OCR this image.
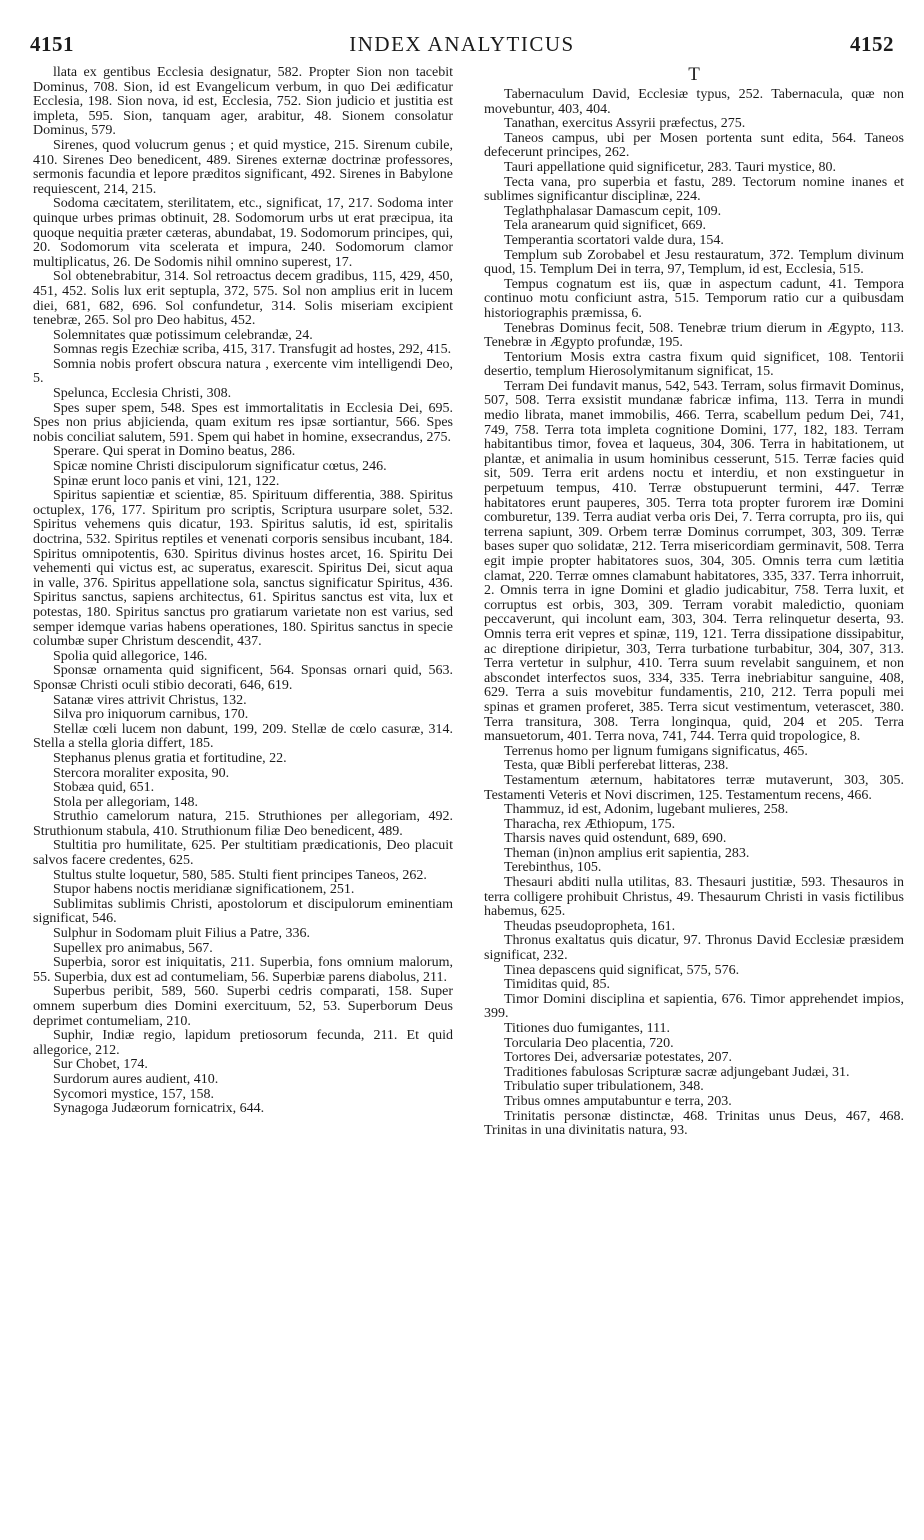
4151	INDEX ANALYTICUS	4152

llata ex gentibus Ecclesia designatur, 582. Propter Sion non tacebit Dominus, 708. Sion, id est Evangelicum verbum, in quo Dei ædificatur Ecclesia, 198. Sion nova, id est, Ecclesia, 752. Sion judicio et justitia est impleta, 595. Sion, tanquam ager, arabitur, 48. Sionem consolatur Dominus, 579.

Sirenes, quod volucrum genus ; et quid mystice, 215. Sirenum cubile, 410. Sirenes Deo benedicent, 489. Sirenes externæ doctrinæ professores, sermonis facundia et lepore præditos significant, 492. Sirenes in Babylone requiescent, 214, 215.

Sodoma cæcitatem, sterilitatem, etc., significat, 17, 217. Sodoma inter quinque urbes primas obtinuit, 28. Sodomorum urbs ut erat præcipua, ita quoque nequitia præter cæteras, abundabat, 19. Sodomorum principes, qui, 20. Sodomorum vita scelerata et impura, 240. Sodomorum clamor multiplicatus, 26. De Sodomis nihil omnino superest, 17.

Sol obtenebrabitur, 314. Sol retroactus decem gradibus, 115, 429, 450, 451, 452. Solis lux erit septupla, 372, 575. Sol non amplius erit in lucem diei, 681, 682, 696. Sol confundetur, 314. Solis miseriam excipient tenebræ, 265. Sol pro Deo habitus, 452.

Solemnitates quæ potissimum celebrandæ, 24.

Somnas regis Ezechiæ scriba, 415, 317. Transfugit ad hostes, 292, 415.

Somnia nobis profert obscura natura , exercente vim intelligendi Deo, 5.

Spelunca, Ecclesia Christi, 308.

Spes super spem, 548. Spes est immortalitatis in Ecclesia Dei, 695. Spes non prius abjicienda, quam exitum res ipsæ sortiantur, 566. Spes nobis conciliat salutem, 591. Spem qui habet in homine, exsecrandus, 275.

Sperare. Qui sperat in Domino beatus, 286.

Spicæ nomine Christi discipulorum significatur cœtus, 246.

Spinæ erunt loco panis et vini, 121, 122.

Spiritus sapientiæ et scientiæ, 85. Spirituum differentia, 388. Spiritus octuplex, 176, 177. Spiritum pro scriptis, Scriptura usurpare solet, 532. Spiritus vehemens quis dicatur, 193. Spiritus salutis, id est, spiritalis doctrina, 532. Spiritus reptiles et venenati corporis sensibus incubant, 184. Spiritus omnipotentis, 630. Spiritus divinus hostes arcet, 16. Spiritu Dei vehementi qui victus est, ac superatus, exarescit. Spiritus Dei, sicut aqua in valle, 376. Spiritus appellatione sola, sanctus significatur Spiritus, 436. Spiritus sanctus, sapiens architectus, 61. Spiritus sanctus est vita, lux et potestas, 180. Spiritus sanctus pro gratiarum varietate non est varius, sed semper idemque varias habens operationes, 180. Spiritus sanctus in specie columbæ super Christum descendit, 437.

Spolia quid allegorice, 146.

Sponsæ ornamenta quid significent, 564. Sponsas ornari quid, 563. Sponsæ Christi oculi stibio decorati, 646, 619.

Satanæ vires attrivit Christus, 132.

Silva pro iniquorum carnibus, 170.

Stellæ cœli lucem non dabunt, 199, 209. Stellæ de cœlo casuræ, 314. Stella a stella gloria differt, 185.

Stephanus plenus gratia et fortitudine, 22.

Stercora moraliter exposita, 90.

Stobæa quid, 651.

Stola per allegoriam, 148.

Struthio camelorum natura, 215. Struthiones per allegoriam, 492. Struthionum stabula, 410. Struthionum filiæ Deo benedicent, 489.

Stultitia pro humilitate, 625. Per stultitiam prædicationis, Deo placuit salvos facere credentes, 625.

Stultus stulte loquetur, 580, 585. Stulti fient principes Taneos, 262.

Stupor habens noctis meridianæ significationem, 251.

Sublimitas sublimis Christi, apostolorum et discipulorum eminentiam significat, 546.

Sulphur in Sodomam pluit Filius a Patre, 336.

Supellex pro animabus, 567.

Superbia, soror est iniquitatis, 211. Superbia, fons omnium malorum, 55. Superbia, dux est ad contumeliam, 56. Superbiæ parens diabolus, 211.

Superbus peribit, 589, 560. Superbi cedris comparati, 158. Super omnem superbum dies Domini exercituum, 52, 53. Superborum Deus deprimet contumeliam, 210.

Suphir, Indiæ regio, lapidum pretiosorum fecunda, 211. Et quid allegorice, 212.

Sur Chobet, 174.

Surdorum aures audient, 410.

Sycomori mystice, 157, 158.

Synagoga Judæorum fornicatrix, 644.

T

Tabernaculum David, Ecclesiæ typus, 252. Tabernacula, quæ non movebuntur, 403, 404.

Tanathan, exercitus Assyrii præfectus, 275.

Taneos campus, ubi per Mosen portenta sunt edita, 564. Taneos defecerunt principes, 262.

Tauri appellatione quid significetur, 283. Tauri mystice, 80.

Tecta vana, pro superbia et fastu, 289. Tectorum nomine inanes et sublimes significantur disciplinæ, 224.

Teglathphalasar Damascum cepit, 109.

Tela aranearum quid significet, 669.

Temperantia scortatori valde dura, 154.

Templum sub Zorobabel et Jesu restauratum, 372. Templum divinum quod, 15. Templum Dei in terra, 97, Templum, id est, Ecclesia, 515.

Tempus cognatum est iis, quæ in aspectum cadunt, 41. Tempora continuo motu conficiunt astra, 515. Temporum ratio cur a quibusdam historiographis præmissa, 6.

Tenebras Dominus fecit, 508. Tenebræ trium dierum in Ægypto, 113. Tenebræ in Ægypto profundæ, 195.

Tentorium Mosis extra castra fixum quid significet, 108. Tentorii desertio, templum Hierosolymitanum significat, 15.

Terram Dei fundavit manus, 542, 543. Terram, solus firmavit Dominus, 507, 508. Terra exsistit mundanæ fabricæ infima, 113. Terra in mundi medio librata, manet immobilis, 466. Terra, scabellum pedum Dei, 741, 749, 758. Terra tota impleta cognitione Domini, 177, 182, 183. Terram habitantibus timor, fovea et laqueus, 304, 306. Terra in habitationem, ut plantæ, et animalia in usum hominibus cesserunt, 515. Terræ facies quid sit, 509. Terra erit ardens noctu et interdiu, et non exstinguetur in perpetuum tempus, 410. Terræ obstupuerunt termini, 447. Terræ habitatores erunt pauperes, 305. Terra tota propter furorem iræ Domini comburetur, 139. Terra audiat verba oris Dei, 7. Terra corrupta, pro iis, qui terrena sapiunt, 309. Orbem terræ Dominus corrumpet, 303, 309. Terræ bases super quo solidatæ, 212. Terra misericordiam germinavit, 508. Terra egit impie propter habitatores suos, 304, 305. Omnis terra cum lætitia clamat, 220. Terræ omnes clamabunt habitatores, 335, 337. Terra inhorruit, 2. Omnis terra in igne Domini et gladio judicabitur, 758. Terra luxit, et corruptus est orbis, 303, 309. Terram vorabit maledictio, quoniam peccaverunt, qui incolunt eam, 303, 304. Terra relinquetur deserta, 93. Omnis terra erit vepres et spinæ, 119, 121. Terra dissipatione dissipabitur, ac direptione diripietur, 303, Terra turbatione turbabitur, 304, 307, 313. Terra vertetur in sulphur, 410. Terra suum revelabit sanguinem, et non abscondet interfectos suos, 334, 335. Terra inebriabitur sanguine, 408, 629. Terra a suis movebitur fundamentis, 210, 212. Terra populi mei spinas et gramen proferet, 385. Terra sicut vestimentum, veterascet, 380. Terra transitura, 308. Terra longinqua, quid, 204 et 205. Terra mansuetorum, 401. Terra nova, 741, 744. Terra quid tropologice, 8.

Terrenus homo per lignum fumigans significatus, 465.

Testa, quæ Bibli perferebat litteras, 238.

Testamentum æternum, habitatores terræ mutaverunt, 303, 305. Testamenti Veteris et Novi discrimen, 125. Testamentum recens, 466.

Thammuz, id est, Adonim, lugebant mulieres, 258.

Tharacha, rex Æthiopum, 175.

Tharsis naves quid ostendunt, 689, 690.

Theman (in)non amplius erit sapientia, 283.

Terebinthus, 105.

Thesauri abditi nulla utilitas, 83. Thesauri justitiæ, 593. Thesauros in terra colligere prohibuit Christus, 49. Thesaurum Christi in vasis fictilibus habemus, 625.

Theudas pseudopropheta, 161.

Thronus exaltatus quis dicatur, 97. Thronus David Ecclesiæ præsidem significat, 232.

Tinea depascens quid significat, 575, 576.

Timiditas quid, 85.

Timor Domini disciplina et sapientia, 676. Timor apprehendet impios, 399.

Titiones duo fumigantes, 111.

Torcularia Deo placentia, 720.

Tortores Dei, adversariæ potestates, 207.

Traditiones fabulosas Scripturæ sacræ adjungebant Judæi, 31.

Tribulatio super tribulationem, 348.

Tribus omnes amputabuntur e terra, 203.

Trinitatis personæ distinctæ, 468. Trinitas unus Deus, 467, 468. Trinitas in una divinitatis natura, 93.
